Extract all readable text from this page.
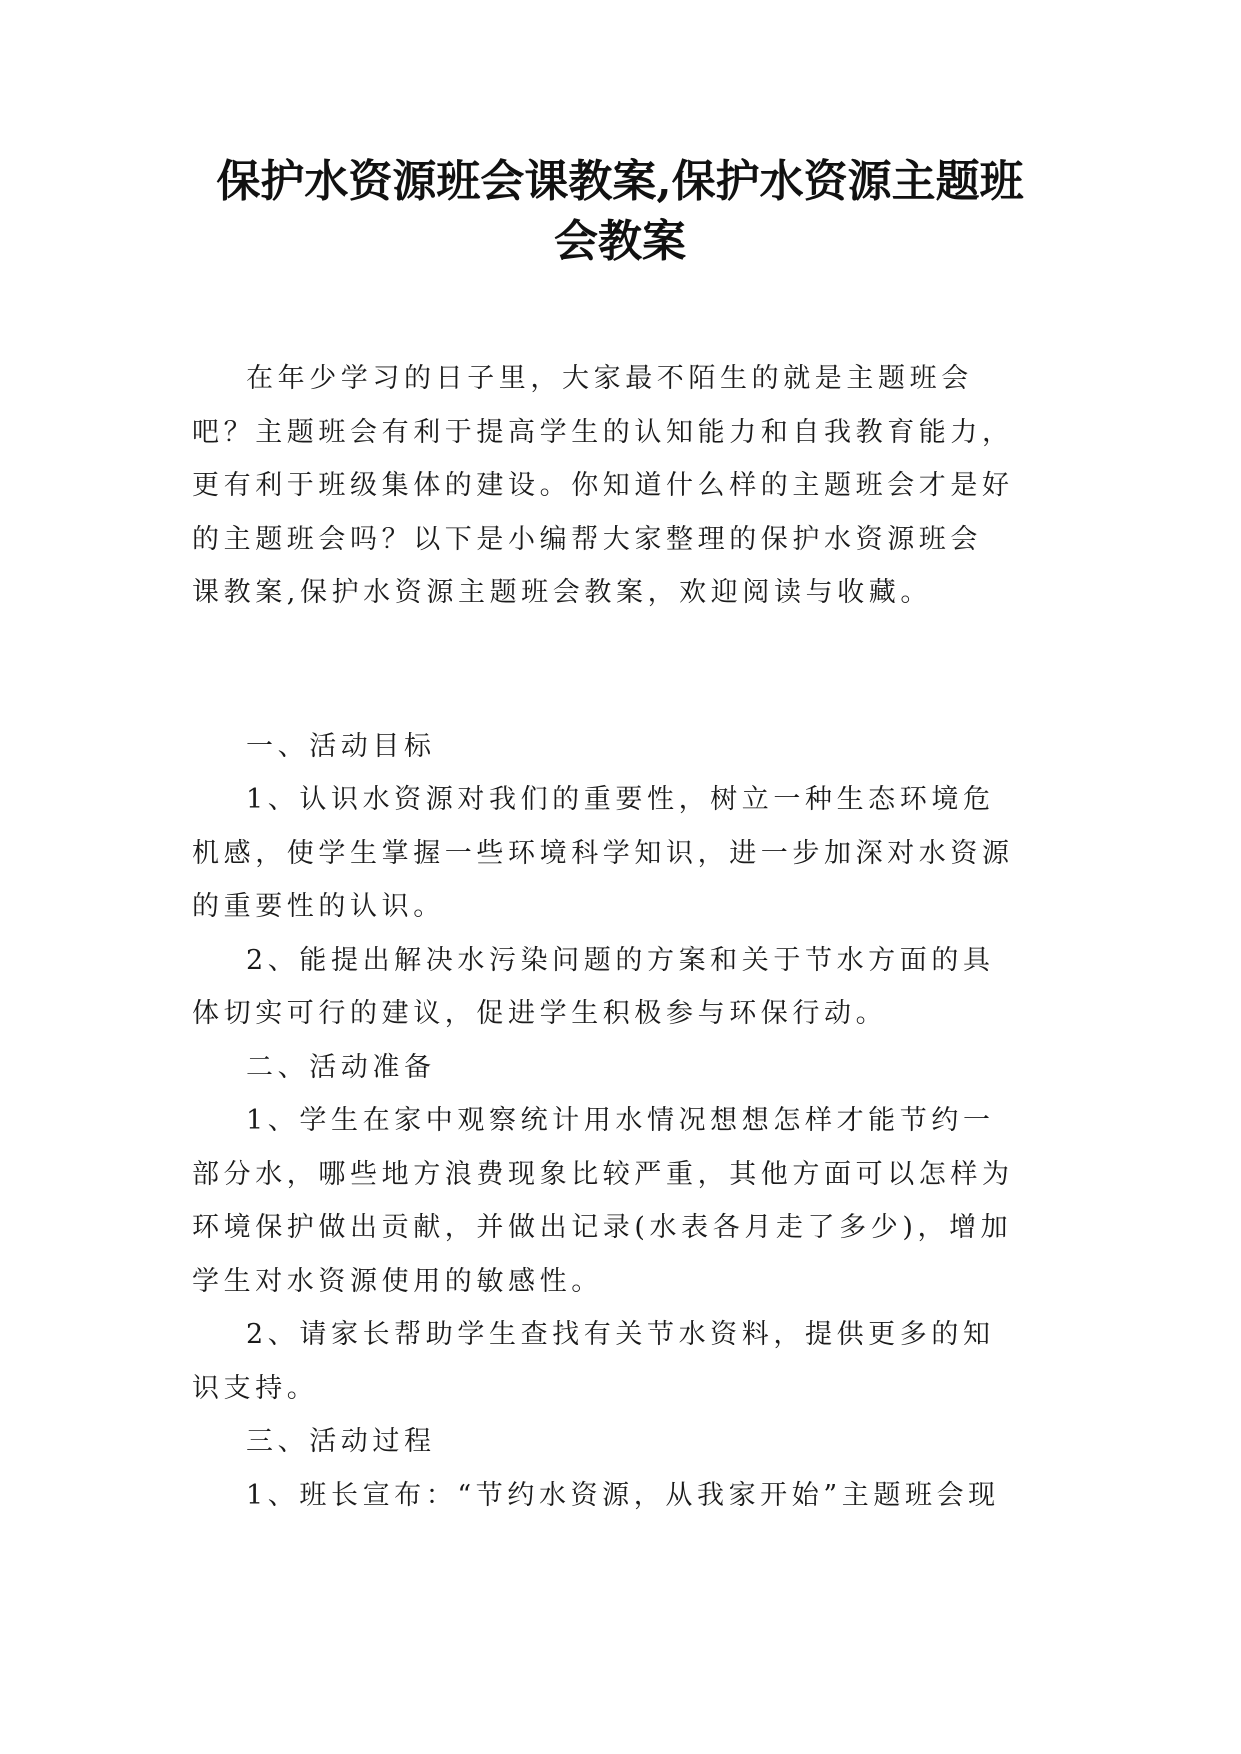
保护水资源班会课教案,保护水资源主题班
会教案

在年少学习的日子里，大家最不陌生的就是主题班会
吧？主题班会有利于提高学生的认知能力和自我教育能力，
更有利于班级集体的建设。你知道什么样的主题班会才是好
的主题班会吗？以下是小编帮大家整理的保护水资源班会
课教案,保护水资源主题班会教案，欢迎阅读与收藏。

一、活动目标

1、认识水资源对我们的重要性，树立一种生态环境危
机感，使学生掌握一些环境科学知识，进一步加深对水资源
的重要性的认识。

2、能提出解决水污染问题的方案和关于节水方面的具
体切实可行的建议，促进学生积极参与环保行动。

二、活动准备

1、学生在家中观察统计用水情况想想怎样才能节约一
部分水，哪些地方浪费现象比较严重，其他方面可以怎样为
环境保护做出贡献，并做出记录(水表各月走了多少)，增加
学生对水资源使用的敏感性。

2、请家长帮助学生查找有关节水资料，提供更多的知
识支持。

三、活动过程

1、班长宣布：“节约水资源，从我家开始”主题班会现
